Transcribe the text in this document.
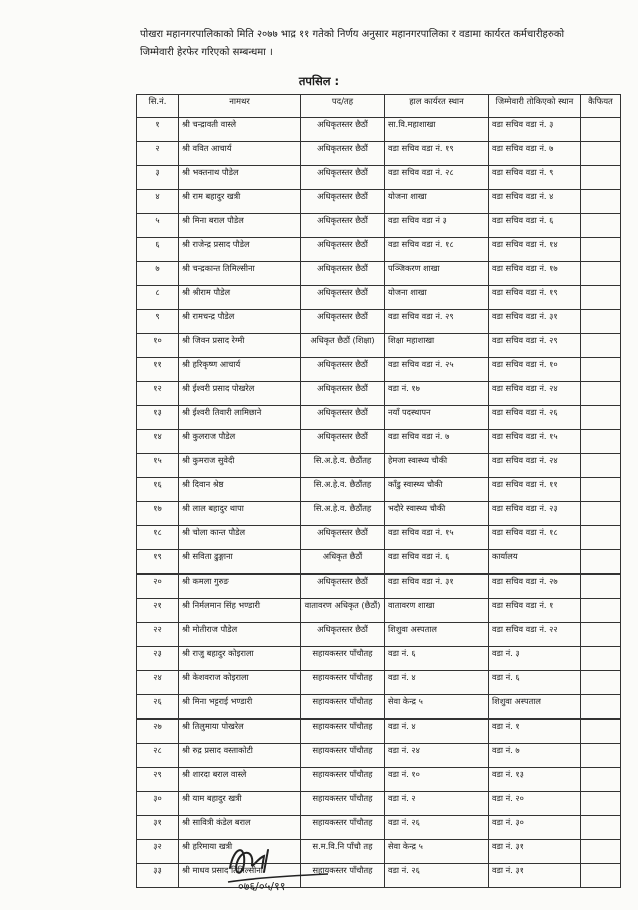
पोखरा महानगरपालिकाको मिति २०७७ भाद्र ११ गतेको निर्णय अनुसार महानगरपालिका र वडामा कार्यरत कर्मचारीहरुको जिम्मेवारी हेरफेर गरिएको सम्बन्धमा ।
तपसिल :
सि.नं.	नामथर	पद/तह	हाल कार्यरत स्थान	जिम्मेवारी तोकिएको स्थान	कैफियत
१	श्री चन्द्रावती वास्ले	अधिकृतस्तर छैठौं	सा.वि.महाशाखा	वडा सचिव वडा नं. ३	
२	श्री ववित आचार्य	अधिकृतस्तर छैठौं	वडा सचिव वडा नं. १९	वडा सचिव वडा नं. ७	
३	श्री भक्तनाथ पौडेल	अधिकृतस्तर छैठौं	वडा सचिव वडा नं. २८	वडा सचिव वडा नं. ९	
४	श्री राम बहादुर खत्री	अधिकृतस्तर छैठौं	योजना शाखा	वडा सचिव वडा नं. ४	
५	श्री मिना बराल पौडेल	अधिकृतस्तर छैठौं	वडा सचिव वडा नं ३	वडा सचिव वडा नं. ६	
६	श्री राजेन्द्र प्रसाद पौडेल	अधिकृतस्तर छैठौं	वडा सचिव वडा नं. १८	वडा सचिव वडा नं. १४	
७	श्री चन्द्रकान्त तिमिल्सीना	अधिकृतस्तर छैठौं	पञ्जिकरण शाखा	वडा सचिव वडा नं. १७	
८	श्री श्रीराम पौडेल	अधिकृतस्तर छैठौं	योजना शाखा	वडा सचिव वडा नं. १९	
९	श्री रामचन्द्र पौडेल	अधिकृतस्तर छैठौं	वडा सचिव वडा नं. २९	वडा सचिव वडा नं. ३१	
१०	श्री जिवन प्रसाद रेग्मी	अधिकृत छैठौं (शिक्षा)	शिक्षा महाशाखा	वडा सचिव वडा नं. २९	
११	श्री हरिकृष्ण आचार्य	अधिकृतस्तर छैठौं	वडा सचिव वडा नं. २५	वडा सचिव वडा नं. १०	
१२	श्री ईश्वरी प्रसाद पोखरेल	अधिकृतस्तर छैठौं	वडा नं. १७	वडा सचिव वडा नं. २४	
१३	श्री ईश्वरी तिवारी लामिछाने	अधिकृतस्तर छैठौं	नयाँ पदस्थापन	वडा सचिव वडा नं. २६	
१४	श्री कुलराज पौडेल	अधिकृतस्तर छैठौं	वडा सचिव वडा नं. ७	वडा सचिव वडा नं. १५	
१५	श्री कुमराज सुवेदी	सि.अ.हे.व. छैठौंतह	हेमजा स्वास्थ्य चौकी	वडा सचिव वडा नं. २४	
१६	श्री दिवान श्रेष्ठ	सि.अ.हे.व. छैठौंतह	काँडु स्वास्थ्य चौकी	वडा सचिव वडा नं. ११	
१७	श्री लाल बहादुर थापा	सि.अ.हे.व. छैठौंतह	भदौरे स्वास्थ्य चौकी	वडा सचिव वडा नं. २३	
१८	श्री चोला कान्त पौडेल	अधिकृतस्तर छैठौं	वडा सचिव वडा नं. १५	वडा सचिव वडा नं. १८	
१९	श्री सविता ढुङ्गाना	अधिकृत छैठौं	वडा सचिव वडा नं. ६	कार्यालय	
२०	श्री कमला गुरुङ	अधिकृतस्तर छैठौं	वडा सचिव वडा नं. ३१	वडा सचिव वडा नं. २७	
२१	श्री निर्मलमान सिंह भण्डारी	वातावरण अधिकृत (छैठौं)	वातावरण शाखा	वडा सचिव वडा नं. १	
२२	श्री मोतीराज पौडेल	अधिकृतस्तर छैठौं	शिशुवा अस्पताल	वडा सचिव वडा नं. २२	
२३	श्री राजु बहादुर कोइराला	सहायकस्तर पाँचौतह	वडा नं. ६	वडा नं. ३	
२४	श्री केशवराज कोइराला	सहायकस्तर पाँचौतह	वडा नं. ४	वडा नं. ६	
२६	श्री मिना भट्टराई भण्डारी	सहायकस्तर पाँचौतह	सेवा केन्द्र ५	शिशुवा अस्पताल	
२७	श्री तिलुमाया पोखरेल	सहायकस्तर पाँचौतह	वडा नं. ४	वडा नं. १	
२८	श्री रुद्र प्रसाद वस्ताकोटी	सहायकस्तर पाँचौतह	वडा नं. २४	वडा नं. ७	
२९	श्री शारदा बराल वास्ले	सहायकस्तर पाँचौतह	वडा नं. १०	वडा नं. १३	
३०	श्री याम बहादुर खत्री	सहायकस्तर पाँचौतह	वडा नं. २	वडा नं. २०	
३१	श्री सावित्री कंडेल बराल	सहायकस्तर पाँचौतह	वडा नं. २६	वडा नं. ३०	
३२	श्री हरिमाया खत्री	स.म.वि.नि पाँचौ तह	सेवा केन्द्र ५	वडा नं. ३१	
३३	श्री माधव प्रसाद तिमिल्सीना	सहायकस्तर पाँचौतह	वडा नं. २६	वडा नं. ३१	
०७६/०५/११
